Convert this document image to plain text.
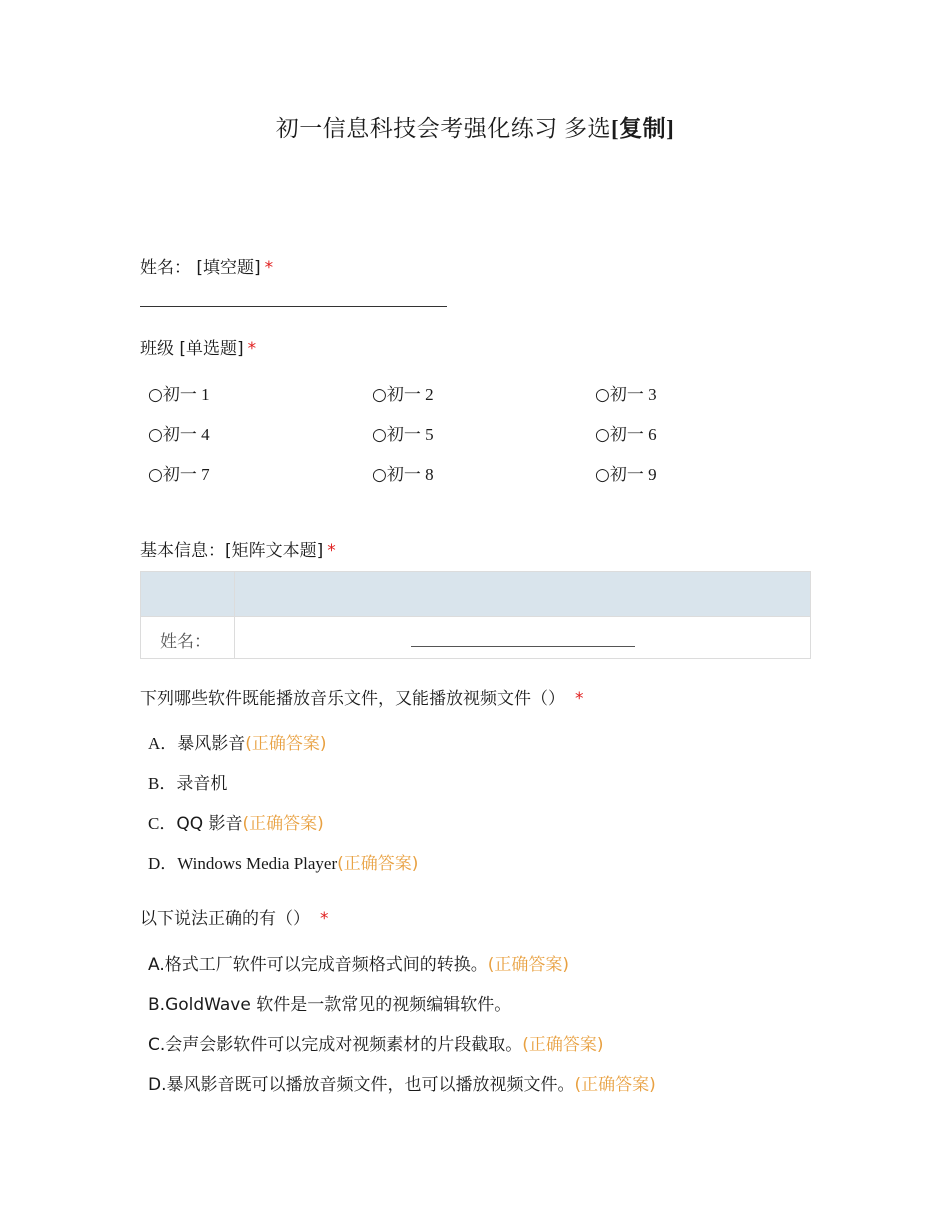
初一信息科技会考强化练习 多选[复制]
姓名： [填空题] *
班级 [单选题] *
○初一 1	○初一 2	○初一 3
○初一 4	○初一 5	○初一 6
○初一 7	○初一 8	○初一 9
基本信息：[矩阵文本题] *
姓名：
下列哪些软件既能播放音乐文件，又能播放视频文件（） *
A．暴风影音(正确答案)
B．录音机
C．QQ 影音(正确答案)
D．Windows Media Player(正确答案)
以下说法正确的有（） *
A.格式工厂软件可以完成音频格式间的转换。(正确答案)
B.GoldWave 软件是一款常见的视频编辑软件。
C.会声会影软件可以完成对视频素材的片段截取。(正确答案)
D.暴风影音既可以播放音频文件，也可以播放视频文件。(正确答案)
